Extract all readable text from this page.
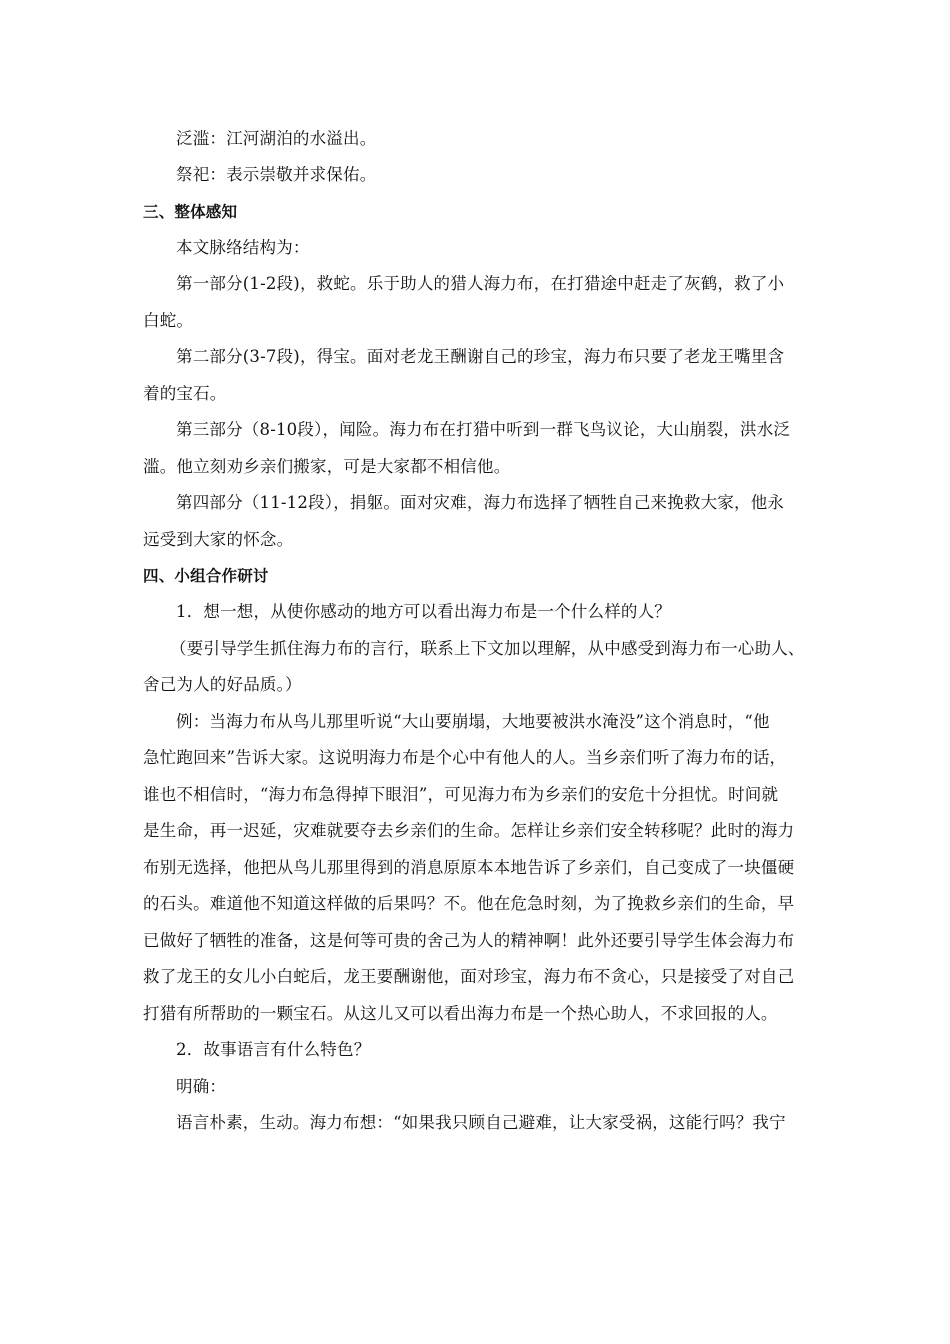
泛滥：江河湖泊的水溢出。
祭祀：表示崇敬并求保佑。
三、整体感知
本文脉络结构为：
第一部分(1-2段)，救蛇。乐于助人的猎人海力布，在打猎途中赶走了灰鹤，救了小
白蛇。
第二部分(3-7段)，得宝。面对老龙王酬谢自己的珍宝，海力布只要了老龙王嘴里含
着的宝石。
第三部分（8-10段），闻险。海力布在打猎中听到一群飞鸟议论，大山崩裂，洪水泛
滥。他立刻劝乡亲们搬家，可是大家都不相信他。
第四部分（11-12段），捐躯。面对灾难，海力布选择了牺牲自己来挽救大家，他永
远受到大家的怀念。
四、小组合作研讨
1．想一想，从使你感动的地方可以看出海力布是一个什么样的人？
（要引导学生抓住海力布的言行，联系上下文加以理解，从中感受到海力布一心助人、
舍己为人的好品质。）
例：当海力布从鸟儿那里听说“大山要崩塌，大地要被洪水淹没”这个消息时，“他
急忙跑回来”告诉大家。这说明海力布是个心中有他人的人。当乡亲们听了海力布的话，
谁也不相信时，“海力布急得掉下眼泪”，可见海力布为乡亲们的安危十分担忧。时间就
是生命，再一迟延，灾难就要夺去乡亲们的生命。怎样让乡亲们安全转移呢？此时的海力
布别无选择，他把从鸟儿那里得到的消息原原本本地告诉了乡亲们，自己变成了一块僵硬
的石头。难道他不知道这样做的后果吗？不。他在危急时刻，为了挽救乡亲们的生命，早
已做好了牺牲的准备，这是何等可贵的舍己为人的精神啊！此外还要引导学生体会海力布
救了龙王的女儿小白蛇后，龙王要酬谢他，面对珍宝，海力布不贪心，只是接受了对自己
打猎有所帮助的一颗宝石。从这儿又可以看出海力布是一个热心助人，不求回报的人。
2．故事语言有什么特色？
明确：
语言朴素，生动。海力布想：“如果我只顾自己避难，让大家受祸，这能行吗？我宁
